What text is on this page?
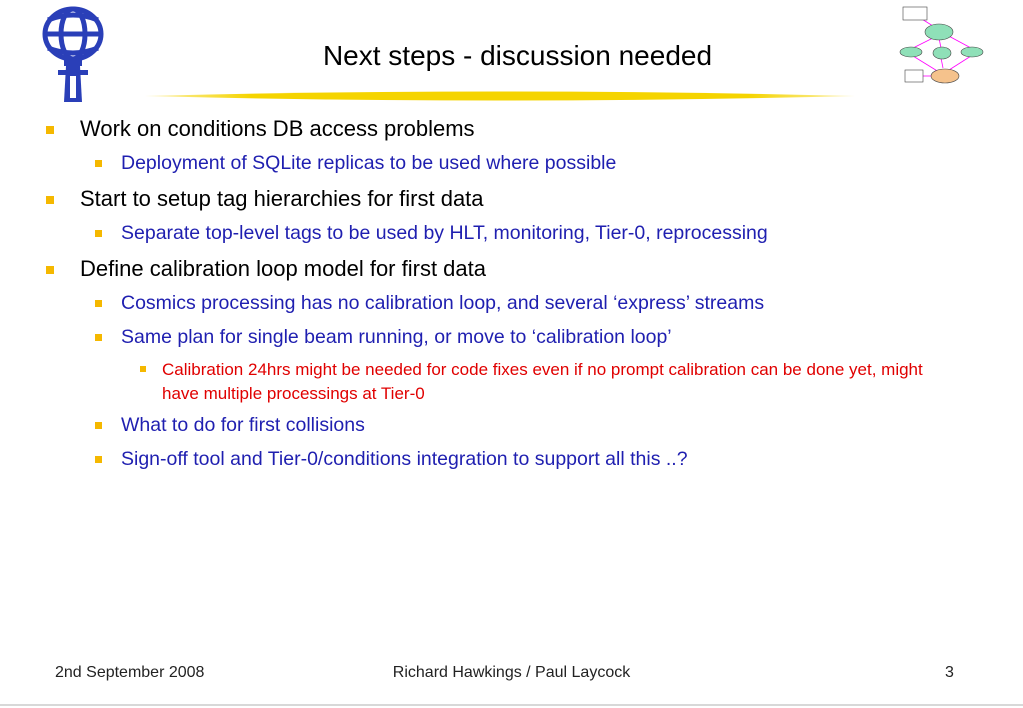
Next steps - discussion needed
Work on conditions DB access problems
Deployment of SQLite replicas to be used where possible
Start to setup tag hierarchies for first data
Separate top-level tags to be used by HLT, monitoring, Tier-0, reprocessing
Define calibration loop model for first data
Cosmics processing has no calibration loop, and several ‘express’ streams
Same plan for single beam running, or move to ‘calibration loop’
Calibration 24hrs might be needed for code fixes even if no prompt calibration can be done yet, might have multiple processings at Tier-0
What to do for first collisions
Sign-off tool and Tier-0/conditions integration to support all this ..?
2nd September 2008	Richard Hawkings / Paul Laycock	3
